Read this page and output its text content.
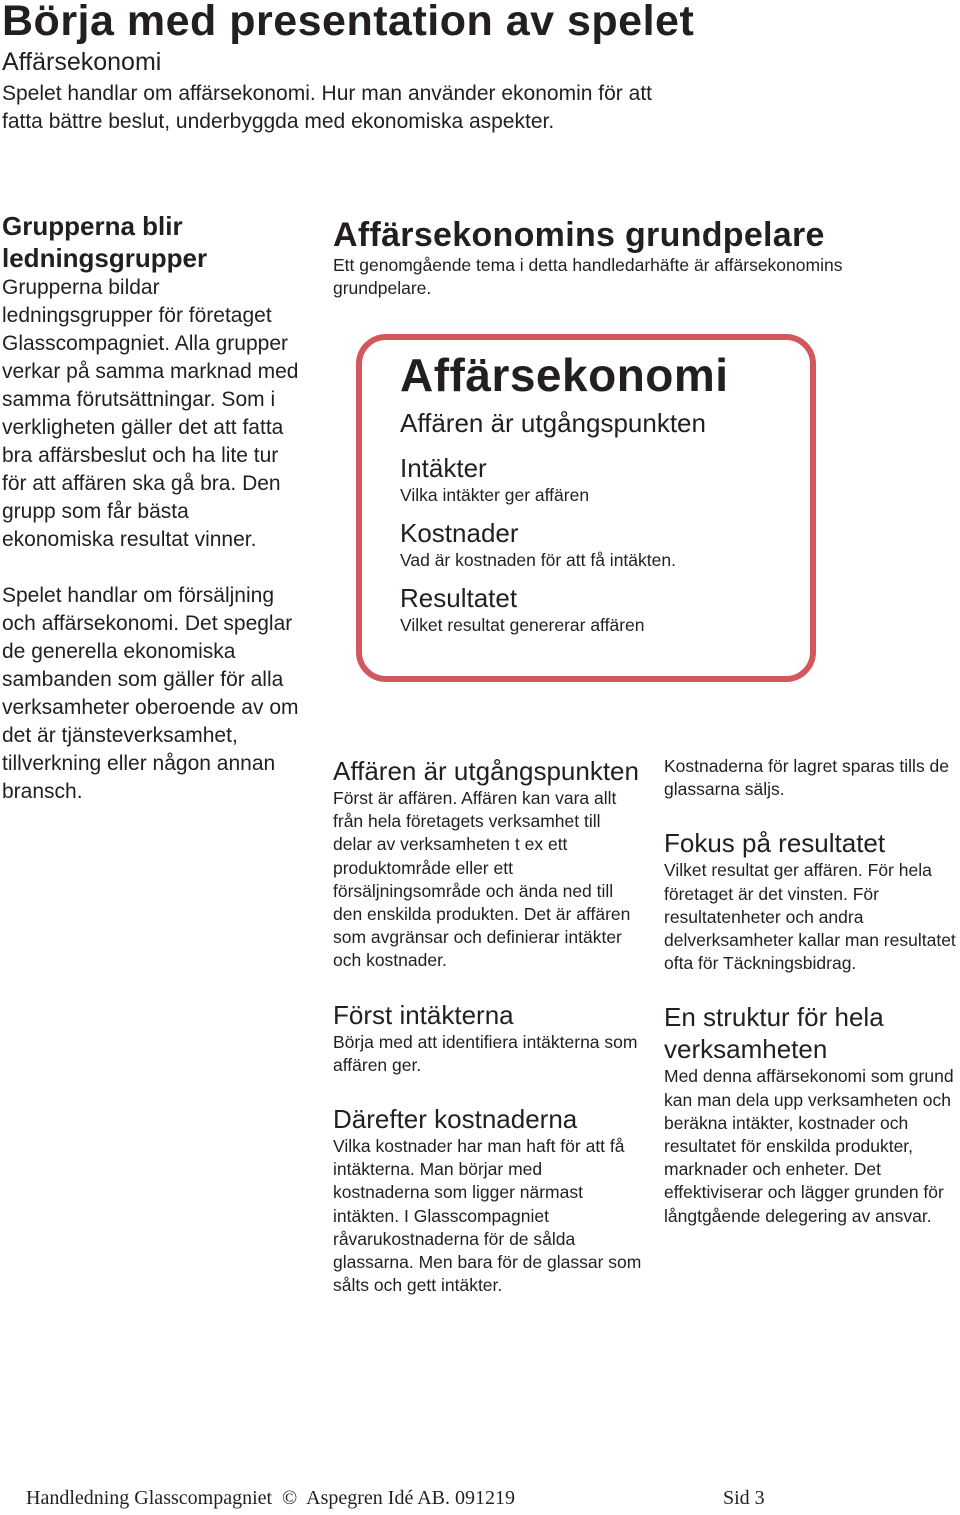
Börja med presentation av spelet
Affärsekonomi
Spelet handlar om affärsekonomi. Hur man använder ekonomin för att fatta bättre beslut, underbyggda med ekonomiska aspekter.
Grupperna blir ledningsgrupper
Grupperna bildar ledningsgrupper för företaget Glasscompagniet. Alla grupper verkar på samma marknad med samma förutsättningar. Som i verkligheten gäller det att fatta bra affärsbeslut och ha lite tur för att affären ska gå bra. Den grupp som får bästa ekonomiska resultat vinner.
Spelet handlar om försäljning och affärsekonomi. Det speglar de generella ekonomiska sambanden som gäller för alla verksamheter oberoende av om det är tjänsteverksamhet, tillverkning eller någon annan bransch.
Affärsekonomins grundpelare
Ett genomgående tema i detta handledarhäfte är affärsekonomins grundpelare.
Affärsekonomi
Affären är utgångspunkten
Intäkter
Vilka intäkter ger affären
Kostnader
Vad är kostnaden för att få intäkten.
Resultatet
Vilket resultat genererar affären
Affären är utgångspunkten
Först är affären. Affären kan vara allt från hela företagets verksamhet till delar av verksamheten t ex ett produktområde eller ett försäljningsområde och ända ned till den enskilda produkten. Det är affären som avgränsar och definierar intäkter och kostnader.
Först intäkterna
Börja med att identifiera intäkterna som affären ger.
Därefter kostnaderna
Vilka kostnader har man haft för att få intäkterna. Man börjar med kostnaderna som ligger närmast intäkten. I Glasscompagniet råvarukostnaderna för de sålda glassarna. Men bara för de glassar som sålts och gett intäkter.
Kostnaderna för lagret sparas tills de glassarna säljs.
Fokus på resultatet
Vilket resultat ger affären. För hela företaget är det vinsten. För resultatenheter och andra delverksamheter kallar man resultatet ofta för Täckningsbidrag.
En struktur för hela verksamheten
Med denna affärsekonomi som grund kan man dela upp verksamheten och beräkna intäkter, kostnader och resultatet för enskilda produkter, marknader och enheter. Det effektiviserar och lägger grunden för långtgående delegering av ansvar.
Handledning Glasscompagniet  ©  Aspegren Idé AB. 091219	Sid 3
